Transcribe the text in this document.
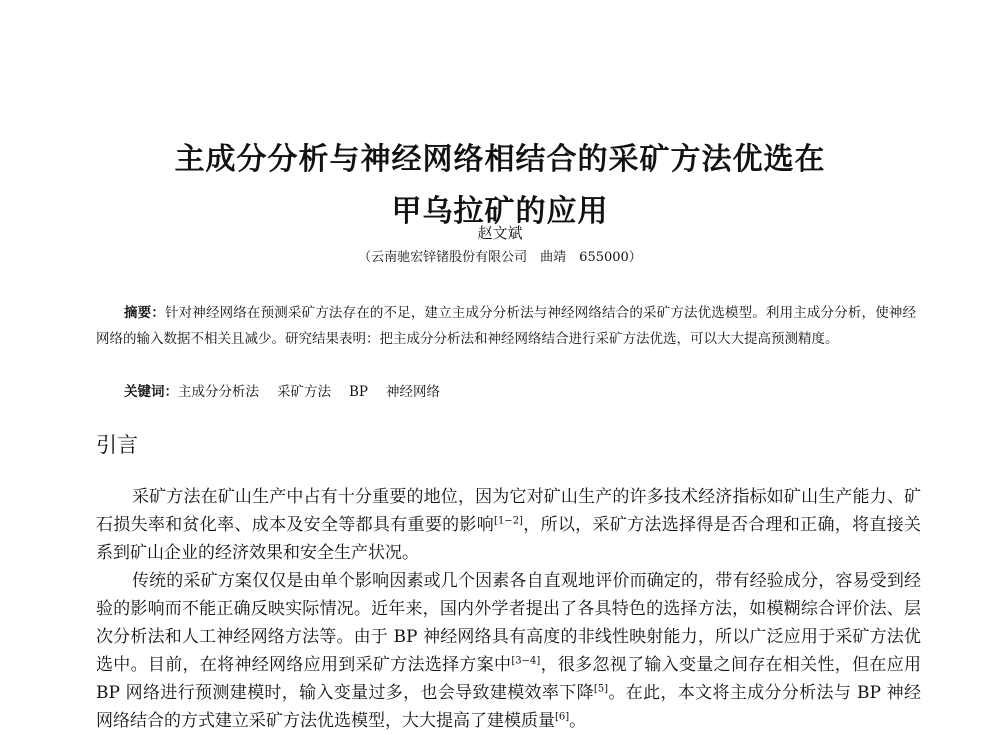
主成分分析与神经网络相结合的采矿方法优选在
甲乌拉矿的应用
赵文斌
（云南驰宏锌锗股份有限公司　曲靖　655000）

摘要：针对神经网络在预测采矿方法存在的不足，建立主成分分析法与神经网络结合的采矿方法优选模型。利用主成分分析，使神经网络的输入数据不相关且减少。研究结果表明：把主成分分析法和神经网络结合进行采矿方法优选，可以大大提高预测精度。

关键词：主成分分析法 采矿方法 BP 神经网络

引言

采矿方法在矿山生产中占有十分重要的地位，因为它对矿山生产的许多技术经济指标如矿山生产能力、矿石损失率和贫化率、成本及安全等都具有重要的影响[1−2]，所以，采矿方法选择得是否合理和正确，将直接关系到矿山企业的经济效果和安全生产状况。

传统的采矿方案仅仅是由单个影响因素或几个因素各自直观地评价而确定的，带有经验成分，容易受到经验的影响而不能正确反映实际情况。近年来，国内外学者提出了各具特色的选择方法，如模糊综合评价法、层次分析法和人工神经网络方法等。由于 BP 神经网络具有高度的非线性映射能力，所以广泛应用于采矿方法优选中。目前，在将神经网络应用到采矿方法选择方案中[3−4]，很多忽视了输入变量之间存在相关性，但在应用 BP 网络进行预测建模时，输入变量过多，也会导致建模效率下降[5]。在此，本文将主成分分析法与 BP 神经网络结合的方式建立采矿方法优选模型，大大提高了建模质量[6]。
